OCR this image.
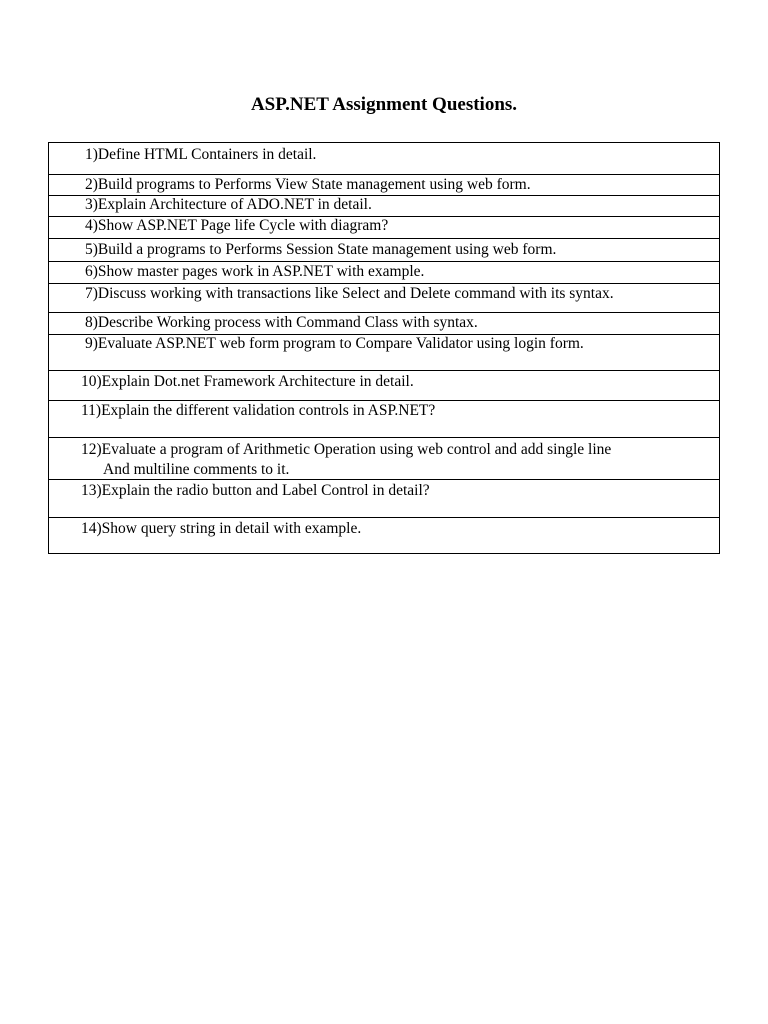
ASP.NET Assignment Questions.
1)Define HTML Containers in detail.
2)Build programs to Performs View State management using web form.
3)Explain Architecture of ADO.NET in detail.
4)Show ASP.NET Page life Cycle with diagram?
5)Build a programs to Performs Session State management using web form.
6)Show master pages work in ASP.NET with example.
7)Discuss working with transactions like Select and Delete command with its syntax.
8)Describe Working process with Command Class with syntax.
9)Evaluate ASP.NET web form program to Compare Validator using login form.
10)Explain Dot.net Framework Architecture in detail.
11)Explain the different validation controls in ASP.NET?
12)Evaluate a program of Arithmetic Operation using web control and add single line
And multiline comments to it.
13)Explain the radio button and Label Control in detail?
14)Show query string in detail with example.
